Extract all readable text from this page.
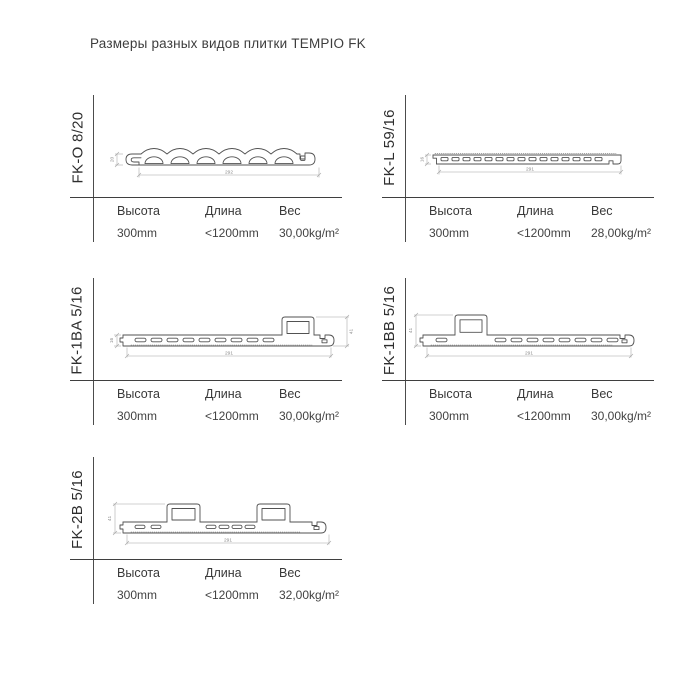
Размеры разных видов плитки TEMPIO FK
FK-O 8/20	292
20
Высота	Длина	Вес
300mm	<1200mm	30,00kg/m²
FK-L 59/16	291
16
Высота	Длина	Вес
300mm	<1200mm	28,00kg/m²
FK-1BA 5/16	291
16
41
Высота	Длина	Вес
300mm	<1200mm	30,00kg/m²
FK-1BB 5/16	291
41
Высота	Длина	Вес
300mm	<1200mm	30,00kg/m²
FK-2B 5/16	291
41
Высота	Длина	Вес
300mm	<1200mm	32,00kg/m²
